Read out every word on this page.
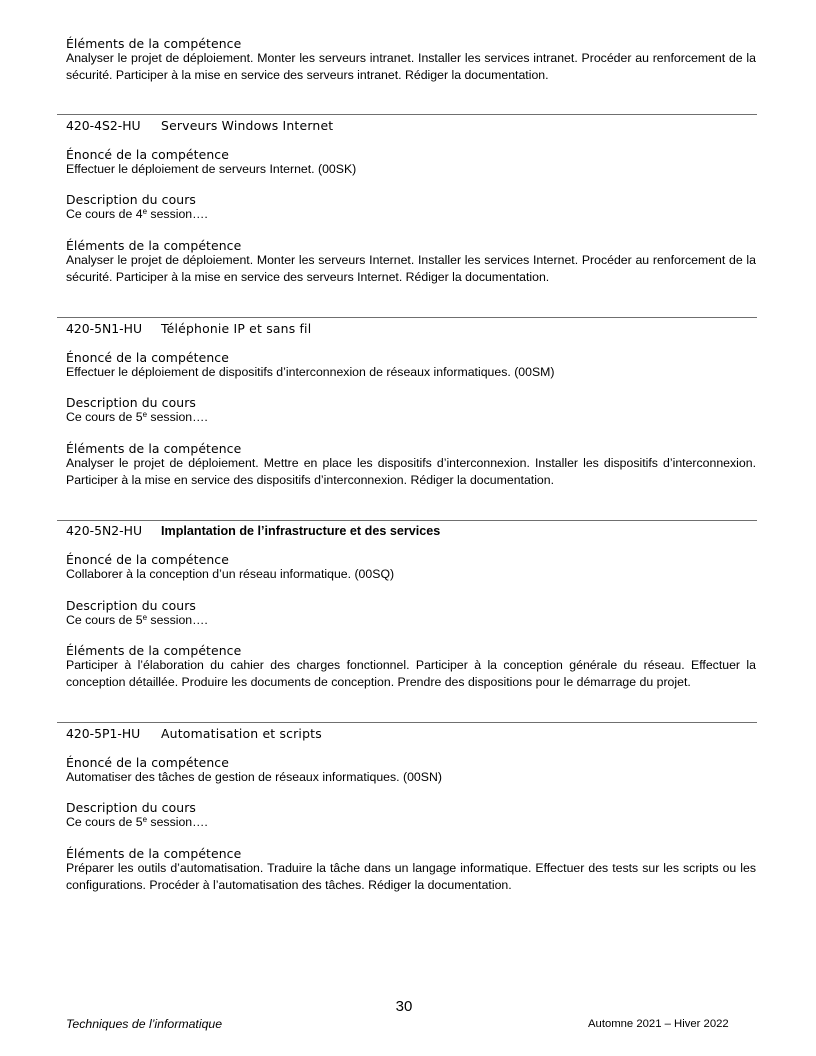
Éléments de la compétence
Analyser le projet de déploiement. Monter les serveurs intranet. Installer les services intranet. Procéder au renforcement de la sécurité. Participer à la mise en service des serveurs intranet. Rédiger la documentation.
420-4S2-HU Serveurs Windows Internet
Énoncé de la compétence
Effectuer le déploiement de serveurs Internet. (00SK)
Description du cours
Ce cours de 4e session….
Éléments de la compétence
Analyser le projet de déploiement. Monter les serveurs Internet. Installer les services Internet. Procéder au renforcement de la sécurité. Participer à la mise en service des serveurs Internet. Rédiger la documentation.
420-5N1-HU Téléphonie IP et sans fil
Énoncé de la compétence
Effectuer le déploiement de dispositifs d’interconnexion de réseaux informatiques. (00SM)
Description du cours
Ce cours de 5e session….
Éléments de la compétence
Analyser le projet de déploiement. Mettre en place les dispositifs d’interconnexion. Installer les dispositifs d’interconnexion. Participer à la mise en service des dispositifs d’interconnexion. Rédiger la documentation.
420-5N2-HU Implantation de l’infrastructure et des services
Énoncé de la compétence
Collaborer à la conception d’un réseau informatique. (00SQ)
Description du cours
Ce cours de 5e session….
Éléments de la compétence
Participer à l’élaboration du cahier des charges fonctionnel. Participer à la conception générale du réseau. Effectuer la conception détaillée. Produire les documents de conception. Prendre des dispositions pour le démarrage du projet.
420-5P1-HU Automatisation et scripts
Énoncé de la compétence
Automatiser des tâches de gestion de réseaux informatiques. (00SN)
Description du cours
Ce cours de 5e session….
Éléments de la compétence
Préparer les outils d’automatisation. Traduire la tâche dans un langage informatique. Effectuer des tests sur les scripts ou les configurations. Procéder à l’automatisation des tâches. Rédiger la documentation.
30
Techniques de l’informatique	Automne 2021 – Hiver 2022
